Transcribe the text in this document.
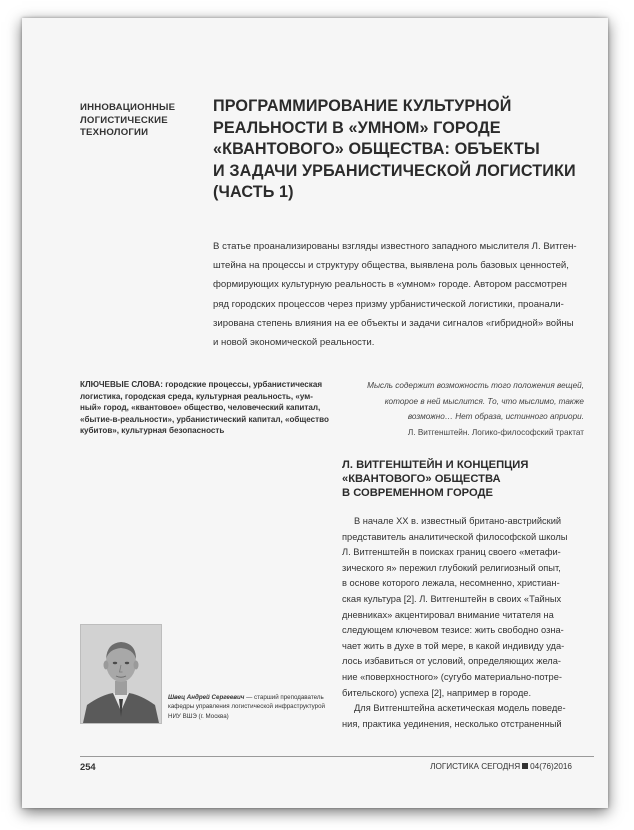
ИННОВАЦИОННЫЕ
ЛОГИСТИЧЕСКИЕ
ТЕХНОЛОГИИ
ПРОГРАММИРОВАНИЕ КУЛЬТУРНОЙ
РЕАЛЬНОСТИ В «УМНОМ» ГОРОДЕ
«КВАНТОВОГО» ОБЩЕСТВА: ОБЪЕКТЫ
И ЗАДАЧИ УРБАНИСТИЧЕСКОЙ ЛОГИСТИКИ
(ЧАСТЬ 1)
В статье проанализированы взгляды известного западного мыслителя Л. Витген-
штейна на процессы и структуру общества, выявлена роль базовых ценностей,
формирующих культурную реальность в «умном» городе. Автором рассмотрен
ряд городских процессов через призму урбанистической логистики, проанали-
зирована степень влияния на ее объекты и задачи сигналов «гибридной» войны
и новой экономической реальности.
КЛЮЧЕВЫЕ СЛОВА: городские процессы, урбанистическая
логистика, городская среда, культурная реальность, «ум-
ный» город, «квантовое» общество, человеческий капитал,
«бытие-в-реальности», урбанистический капитал, «общество
кубитов», культурная безопасность
Мысль содержит возможность того положения вещей,
которое в ней мыслится. То, что мыслимо, также
возможно… Нет образа, истинного априори.
Л. Витгенштейн. Логико-философский трактат
Л. ВИТГЕНШТЕЙН И КОНЦЕПЦИЯ
«КВАНТОВОГО» ОБЩЕСТВА
В СОВРЕМЕННОМ ГОРОДЕ
В начале XX в. известный британо-австрийский
представитель аналитической философской школы
Л. Витгенштейн в поисках границ своего «метафи-
зического я» пережил глубокий религиозный опыт,
в основе которого лежала, несомненно, христиан-
ская культура [2]. Л. Витгенштейн в своих «Тайных
дневниках» акцентировал внимание читателя на
следующем ключевом тезисе: жить свободно озна-
чает жить в духе в той мере, в какой индивиду уда-
лось избавиться от условий, определяющих жела-
ние «поверхностного» (сугубо материально-потре-
бительского) успеха [2], например в городе.
Для Витгенштейна аскетическая модель поведе-
ния, практика уединения, несколько отстраненный
Швец Андрей Сергеевич — старший преподаватель
кафедры управления логистической инфраструктурой
НИУ ВШЭ (г. Москва)
254	ЛОГИСТИКА СЕГОДНЯ 04(76)2016
